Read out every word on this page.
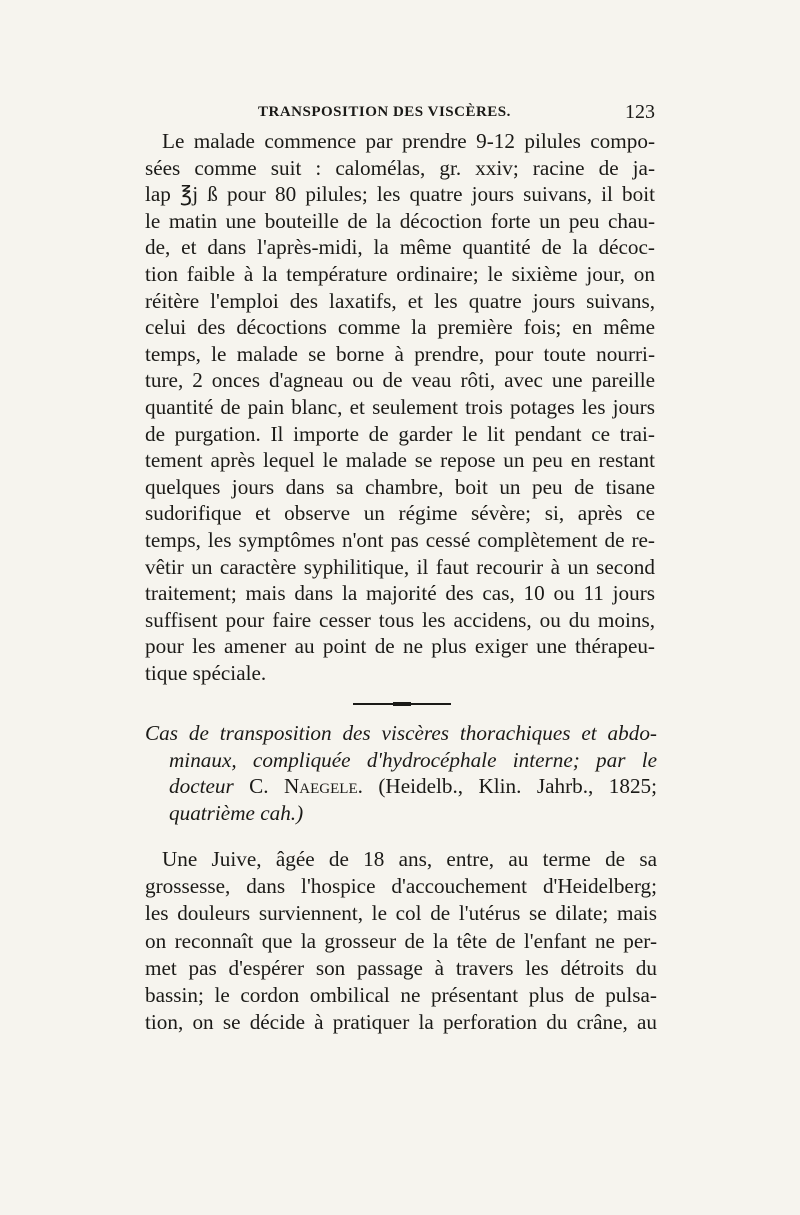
TRANSPOSITION DES VISCÈRES.	123
Le malade commence par prendre 9-12 pilules compo-
sées comme suit : calomélas, gr. xxiv; racine de ja-
lap ℥j ß pour 80 pilules; les quatre jours suivans, il boit
le matin une bouteille de la décoction forte un peu chau-
de, et dans l'après-midi, la même quantité de la décoc-
tion faible à la température ordinaire; le sixième jour, on
réitère l'emploi des laxatifs, et les quatre jours suivans,
celui des décoctions comme la première fois; en même
temps, le malade se borne à prendre, pour toute nourri-
ture, 2 onces d'agneau ou de veau rôti, avec une pareille
quantité de pain blanc, et seulement trois potages les jours
de purgation. Il importe de garder le lit pendant ce trai-
tement après lequel le malade se repose un peu en restant
quelques jours dans sa chambre, boit un peu de tisane
sudorifique et observe un régime sévère; si, après ce
temps, les symptômes n'ont pas cessé complètement de re-
vêtir un caractère syphilitique, il faut recourir à un second
traitement; mais dans la majorité des cas, 10 ou 11 jours
suffisent pour faire cesser tous les accidens, ou du moins,
pour les amener au point de ne plus exiger une thérapeu-
tique spéciale.
Cas de transposition des viscères thorachiques et abdo-
minaux, compliquée d'hydrocéphale interne; par le
docteur C. Naegele. (Heidelb., Klin. Jahrb., 1825;
quatrième cah.)
Une Juive, âgée de 18 ans, entre, au terme de sa
grossesse, dans l'hospice d'accouchement d'Heidelberg;
les douleurs surviennent, le col de l'utérus se dilate; mais
on reconnaît que la grosseur de la tête de l'enfant ne per-
met pas d'espérer son passage à travers les détroits du
bassin; le cordon ombilical ne présentant plus de pulsa-
tion, on se décide à pratiquer la perforation du crâne, au
